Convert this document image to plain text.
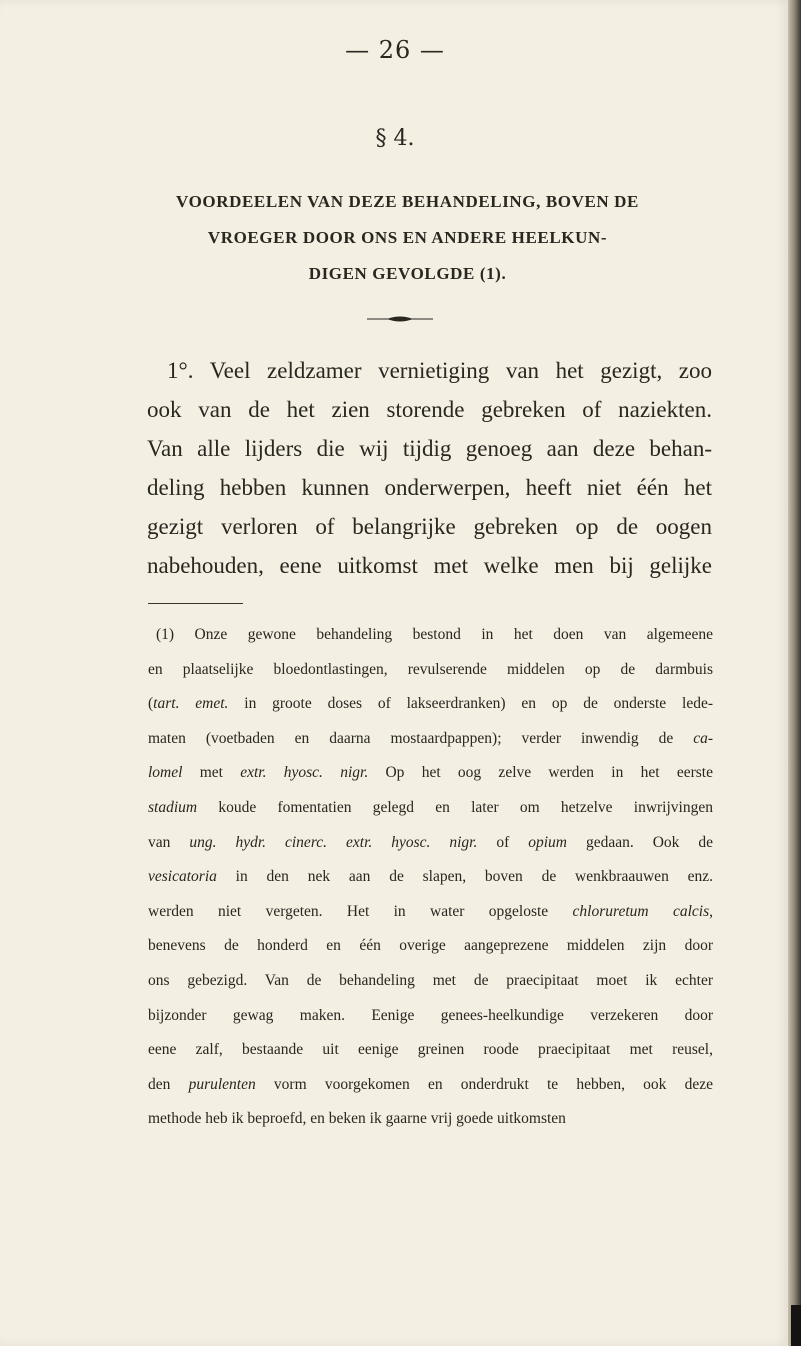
— 26 —
§ 4.
VOORDEELEN VAN DEZE BEHANDELING, BOVEN DE
VROEGER DOOR ONS EN ANDERE HEELKUN-
DIGEN GEVOLGDE (1).
1°. Veel zeldzamer vernietiging van het gezigt, zoo
ook van de het zien storende gebreken of naziekten.
Van alle lijders die wij tijdig genoeg aan deze behan-
deling hebben kunnen onderwerpen, heeft niet één het
gezigt verloren of belangrijke gebreken op de oogen
nabehouden, eene uitkomst met welke men bij gelijke
(1) Onze gewone behandeling bestond in het doen van algemeene
en plaatselijke bloedontlastingen, revulserende middelen op de darmbuis
(tart. emet. in groote doses of lakseerdranken) en op de onderste lede-
maten (voetbaden en daarna mostaardpappen); verder inwendig de ca-
lomel met extr. hyosc. nigr. Op het oog zelve werden in het eerste
stadium koude fomentatien gelegd en later om hetzelve inwrijvingen
van ung. hydr. cinerc. extr. hyosc. nigr. of opium gedaan. Ook de
vesicatoria in den nek aan de slapen, boven de wenkbraauwen enz.
werden niet vergeten. Het in water opgeloste chloruretum calcis,
benevens de honderd en één overige aangeprezene middelen zijn door
ons gebezigd. Van de behandeling met de praecipitaat moet ik echter
bijzonder gewag maken. Eenige genees-heelkundige verzekeren door
eene zalf, bestaande uit eenige greinen roode praecipitaat met reusel,
den purulenten vorm voorgekomen en onderdrukt te hebben, ook deze
methode heb ik beproefd, en beken ik gaarne vrij goede uitkomsten
